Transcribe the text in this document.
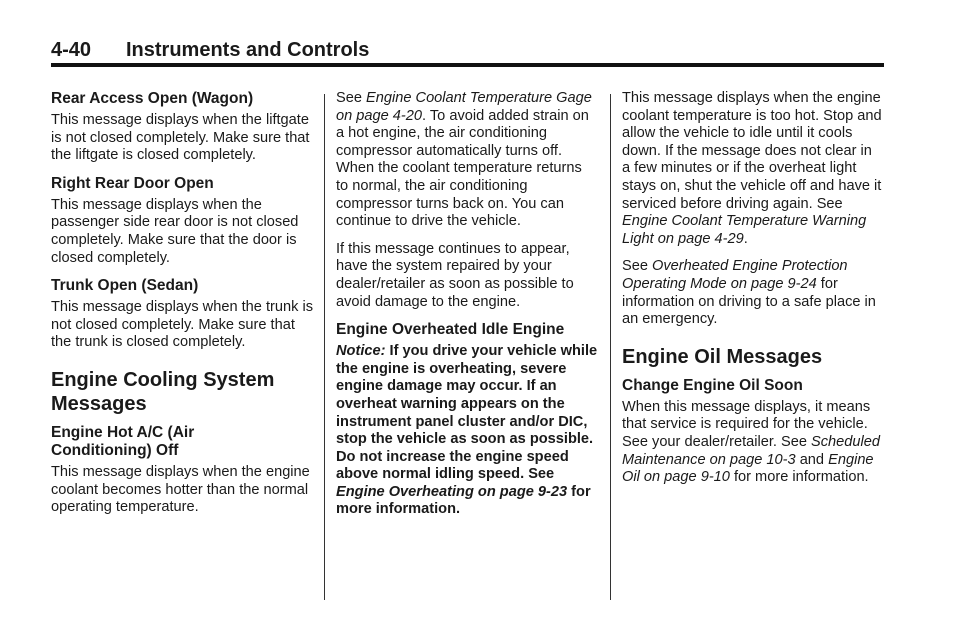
4-40 Instruments and Controls
Rear Access Open (Wagon)

This message displays when the liftgate is not closed completely. Make sure that the liftgate is closed completely.

Right Rear Door Open

This message displays when the passenger side rear door is not closed completely. Make sure that the door is closed completely.

Trunk Open (Sedan)

This message displays when the trunk is not closed completely. Make sure that the trunk is closed completely.

Engine Cooling System Messages
Engine Hot A/C (Air Conditioning) Off

This message displays when the engine coolant becomes hotter than the normal operating temperature.

See Engine Coolant Temperature Gage on page 4-20. To avoid added strain on a hot engine, the air conditioning compressor automatically turns off. When the coolant temperature returns to normal, the air conditioning compressor turns back on. You can continue to drive the vehicle.

If this message continues to appear, have the system repaired by your dealer/retailer as soon as possible to avoid damage to the engine.

Engine Overheated Idle Engine

Notice: If you drive your vehicle while the engine is overheating, severe engine damage may occur. If an overheat warning appears on the instrument panel cluster and/or DIC, stop the vehicle as soon as possible. Do not increase the engine speed above normal idling speed. See Engine Overheating on page 9-23 for more information.

This message displays when the engine coolant temperature is too hot. Stop and allow the vehicle to idle until it cools down. If the message does not clear in a few minutes or if the overheat light stays on, shut the vehicle off and have it serviced before driving again. See Engine Coolant Temperature Warning Light on page 4-29.

See Overheated Engine Protection Operating Mode on page 9-24 for information on driving to a safe place in an emergency.

Engine Oil Messages
Change Engine Oil Soon

When this message displays, it means that service is required for the vehicle. See your dealer/retailer. See Scheduled Maintenance on page 10-3 and Engine Oil on page 9-10 for more information.
